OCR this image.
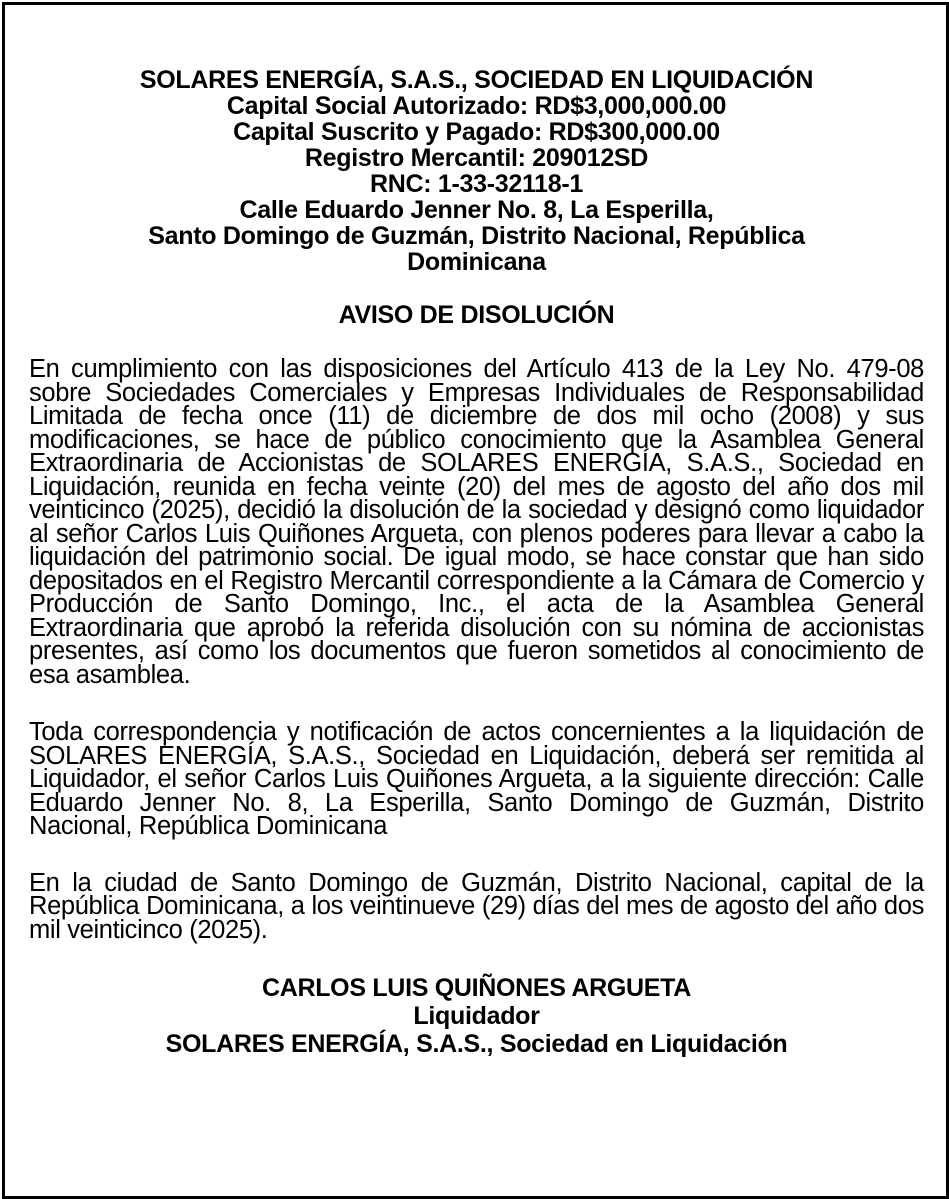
SOLARES ENERGÍA, S.A.S., SOCIEDAD EN LIQUIDACIÓN
Capital Social Autorizado: RD$3,000,000.00
Capital Suscrito y Pagado: RD$300,000.00
Registro Mercantil: 209012SD
RNC: 1-33-32118-1
Calle Eduardo Jenner No. 8, La Esperilla,
Santo Domingo de Guzmán, Distrito Nacional, República
Dominicana
AVISO DE DISOLUCIÓN

En cumplimiento con las disposiciones del Artículo 413 de la Ley No. 479-08 sobre Sociedades Comerciales y Empresas Individuales de Responsabilidad Limitada de fecha once (11) de diciembre de dos mil ocho (2008) y sus modificaciones, se hace de público conocimiento que la Asamblea General Extraordinaria de Accionistas de SOLARES ENERGÍA, S.A.S., Sociedad en Liquidación, reunida en fecha veinte (20) del mes de agosto del año dos mil veinticinco (2025), decidió la disolución de la sociedad y designó como liquidador al señor Carlos Luis Quiñones Argueta, con plenos poderes para llevar a cabo la liquidación del patrimonio social. De igual modo, se hace constar que han sido depositados en el Registro Mercantil correspondiente a la Cámara de Comercio y Producción de Santo Domingo, Inc., el acta de la Asamblea General Extraordinaria que aprobó la referida disolución con su nómina de accionistas presentes, así como los documentos que fueron sometidos al conocimiento de esa asamblea.

Toda correspondencia y notificación de actos concernientes a la liquidación de SOLARES ENERGÍA, S.A.S., Sociedad en Liquidación, deberá ser remitida al Liquidador, el señor Carlos Luis Quiñones Argueta, a la siguiente dirección: Calle Eduardo Jenner No. 8, La Esperilla, Santo Domingo de Guzmán, Distrito Nacional, República Dominicana

En la ciudad de Santo Domingo de Guzmán, Distrito Nacional, capital de la República Dominicana, a los veintinueve (29) días del mes de agosto del año dos mil veinticinco (2025).

CARLOS LUIS QUIÑONES ARGUETA
Liquidador
SOLARES ENERGÍA, S.A.S., Sociedad en Liquidación
